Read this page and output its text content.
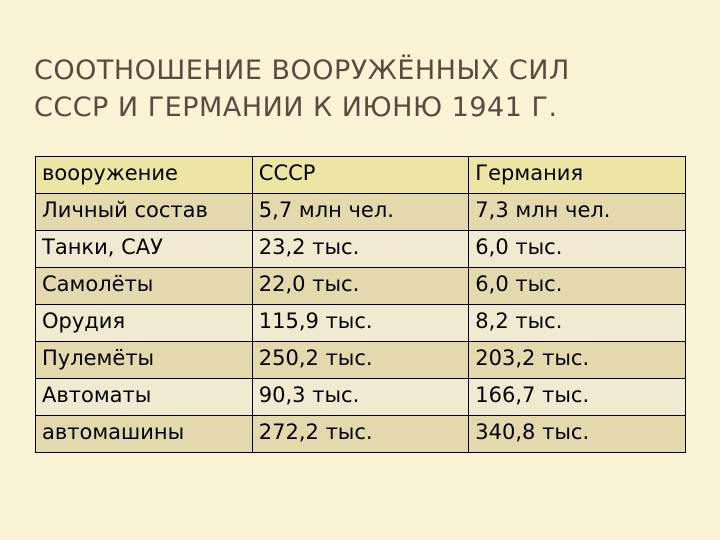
СООТНОШЕНИЕ ВООРУЖЁННЫХ СИЛ
СССР И ГЕРМАНИИ К ИЮНЮ 1941 Г.
вооружение	СССР	Германия
Личный состав	5,7 млн чел.	7,3 млн чел.
Танки, САУ	23,2 тыс.	6,0 тыс.
Самолёты	22,0 тыс.	6,0 тыс.
Орудия	115,9 тыс.	8,2 тыс.
Пулемёты	250,2 тыс.	203,2 тыс.
Автоматы	90,3 тыс.	166,7 тыс.
автомашины	272,2 тыс.	340,8 тыс.
